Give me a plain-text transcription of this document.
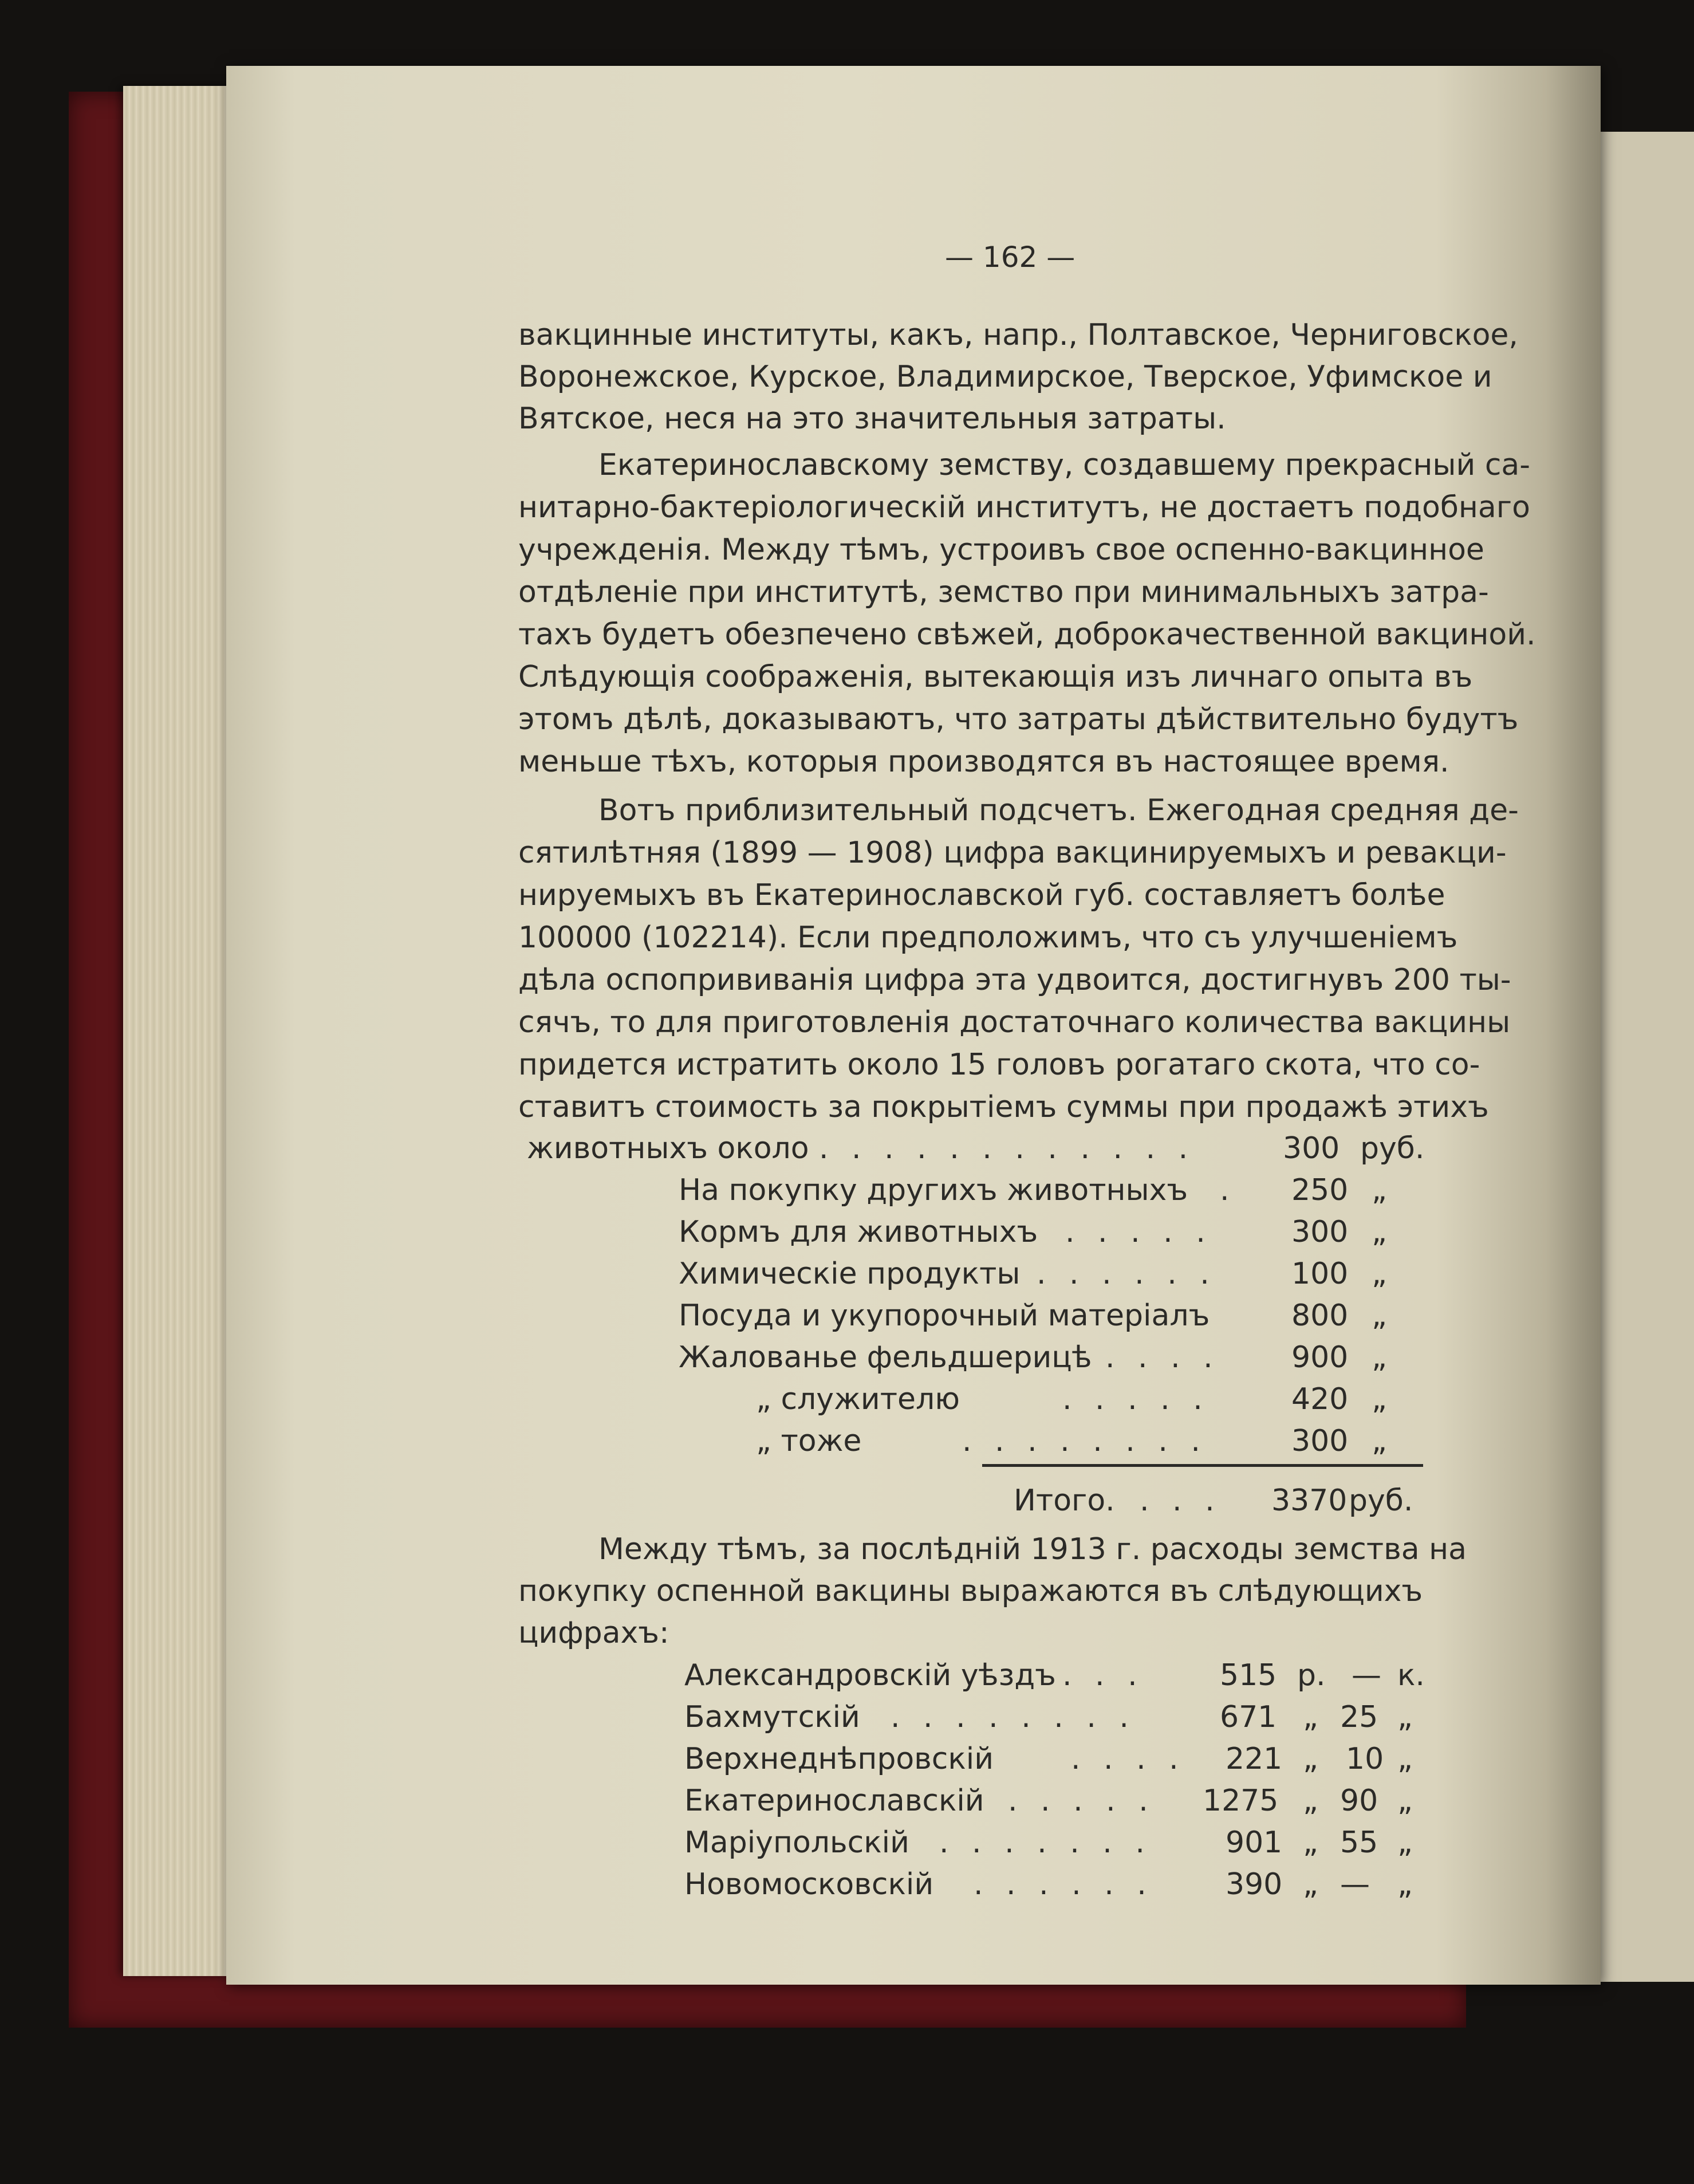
— 162 —
вакцинные институты, какъ, напр., Полтавское, Черниговское,
Воронежское, Курское, Владимирское, Тверское, Уфимское и
Вятское, неся на это значительныя затраты.
Екатеринославскому земству, создавшему прекрасный са-
нитарно-бактеріологическій институтъ, не достаетъ подобнаго
учрежденія. Между тѣмъ, устроивъ свое оспенно-вакцинное
отдѣленіе при институтѣ, земство при минимальныхъ затра-
тахъ будетъ обезпечено свѣжей, доброкачественной вакциной.
Слѣдующія соображенія, вытекающія изъ личнаго опыта въ
этомъ дѣлѣ, доказываютъ, что затраты дѣйствительно будутъ
меньше тѣхъ, которыя производятся въ настоящее время.
Вотъ приблизительный подсчетъ. Ежегодная средняя де-
сятилѣтняя (1899 — 1908) цифра вакцинируемыхъ и ревакци-
нируемыхъ въ Екатеринославской губ. составляетъ болѣе
100000 (102214). Если предположимъ, что съ улучшеніемъ
дѣла оспопрививанія цифра эта удвоится, достигнувъ 200 ты-
сячъ, то для приготовленія достаточнаго количества вакцины
придется истратить около 15 головъ рогатаго скота, что со-
ставитъ стоимость за покрытіемъ суммы при продажѣ этихъ
животныхъ около . . . . . . . . . . . .	300 руб.
На покупку другихъ животныхъ . 250 „
Кормъ для животныхъ . . . . .	300 „
Химическіе продукты . . . . . .	100 „
Посуда и укупорочный матеріалъ	800 „
Жалованье фельдшерицѣ . . . . 900 „
„ служителю	. . . . .	420 „
„ тоже	. . . . . . . .	300 „
Итого. . . . 3370 руб.
Между тѣмъ, за послѣдній 1913 г. расходы земства на
покупку оспенной вакцины выражаются въ слѣдующихъ
цифрахъ:
Александровскій уѣздъ . . .	515 р. — к.
Бахмутскій . . . . . . . .	671 „ 25 „
Верхнеднѣпровскій	. . . . 221 „ 10 „
Екатеринославскій . . . . . 1275 „ 90 „
Маріупольскій . . . . . . . 901 „ 55 „
Новомосковскій . . . . . . 390 „ — „
